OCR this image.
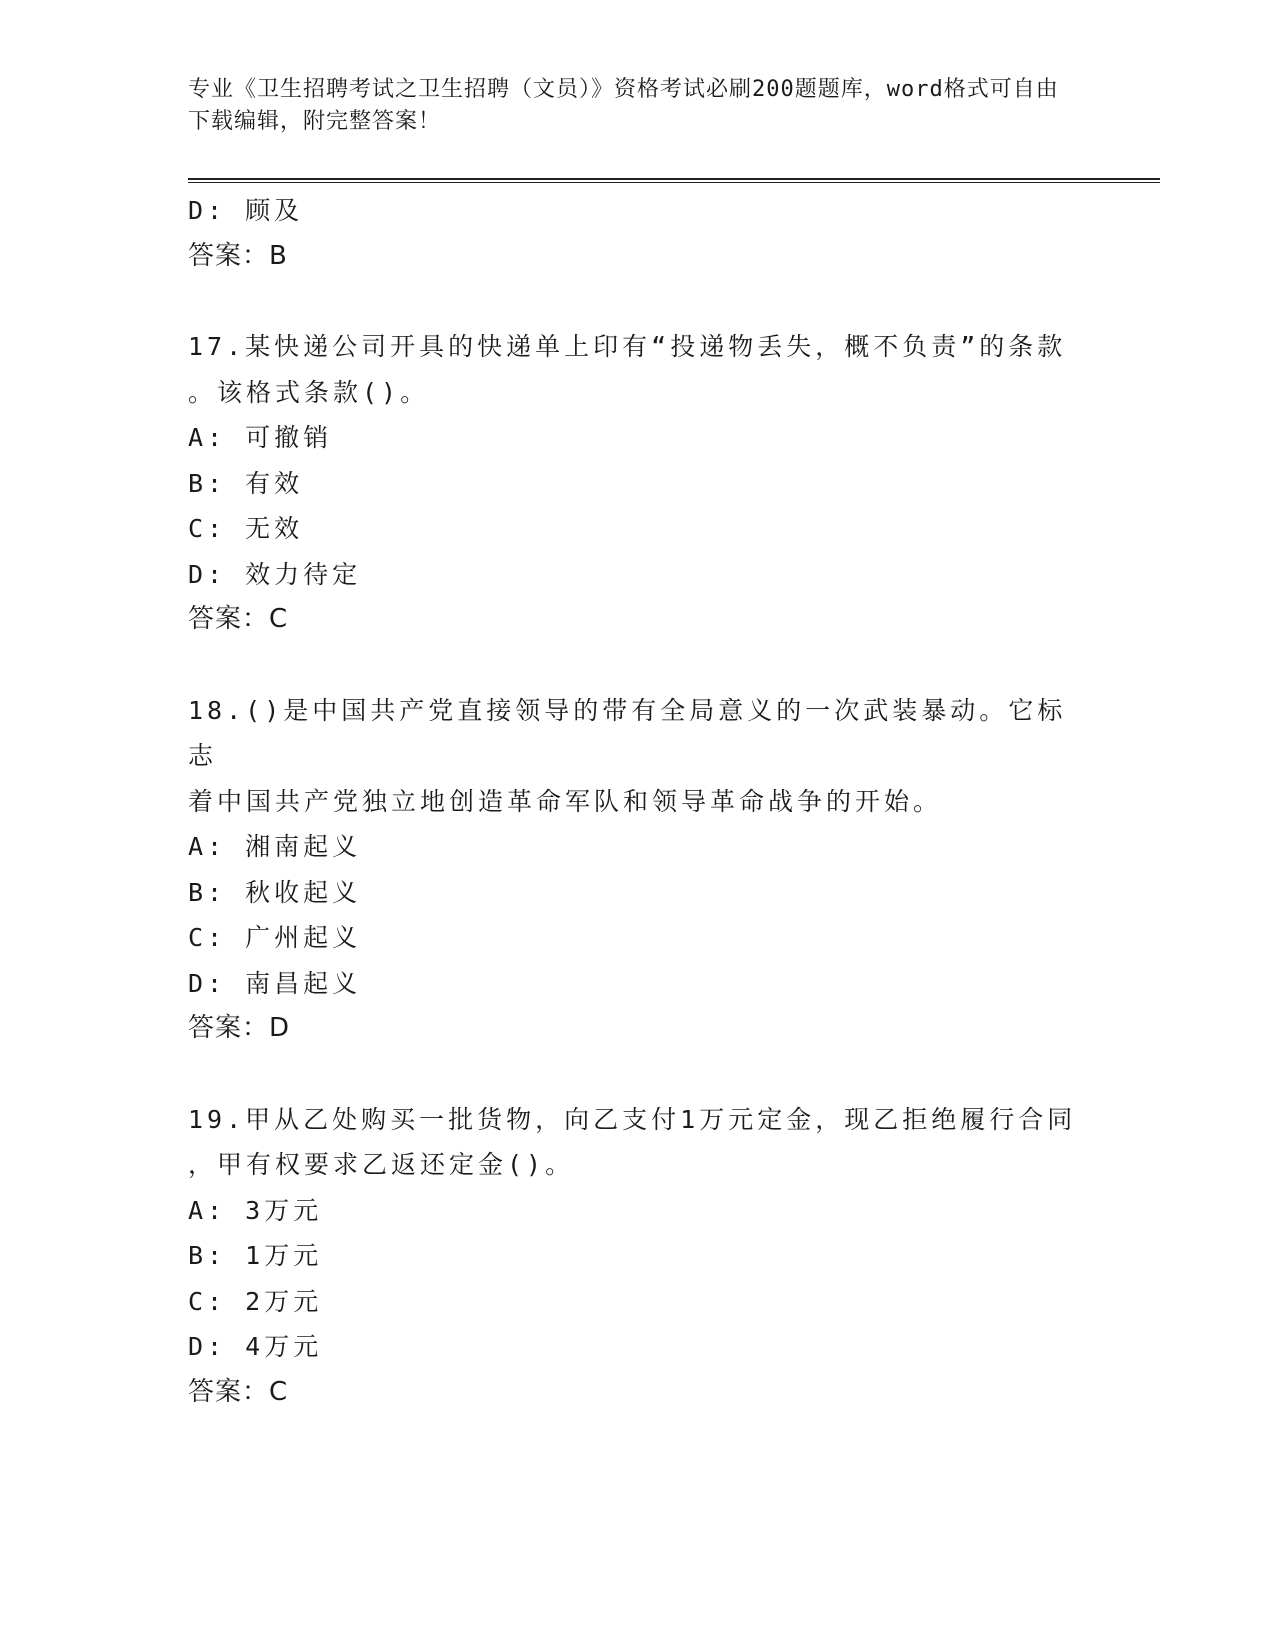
专业《卫生招聘考试之卫生招聘（文员）》资格考试必刷200题题库，word格式可自由下载编辑，附完整答案！
D: 顾及
答案：B
17.某快递公司开具的快递单上印有“投递物丢失，概不负责”的条款
。该格式条款()。
A: 可撤销
B: 有效
C: 无效
D: 效力待定
答案：C
18.()是中国共产党直接领导的带有全局意义的一次武装暴动。它标志
着中国共产党独立地创造革命军队和领导革命战争的开始。
A: 湘南起义
B: 秋收起义
C: 广州起义
D: 南昌起义
答案：D
19.甲从乙处购买一批货物，向乙支付1万元定金，现乙拒绝履行合同
，甲有权要求乙返还定金()。
A: 3万元
B: 1万元
C: 2万元
D: 4万元
答案：C
